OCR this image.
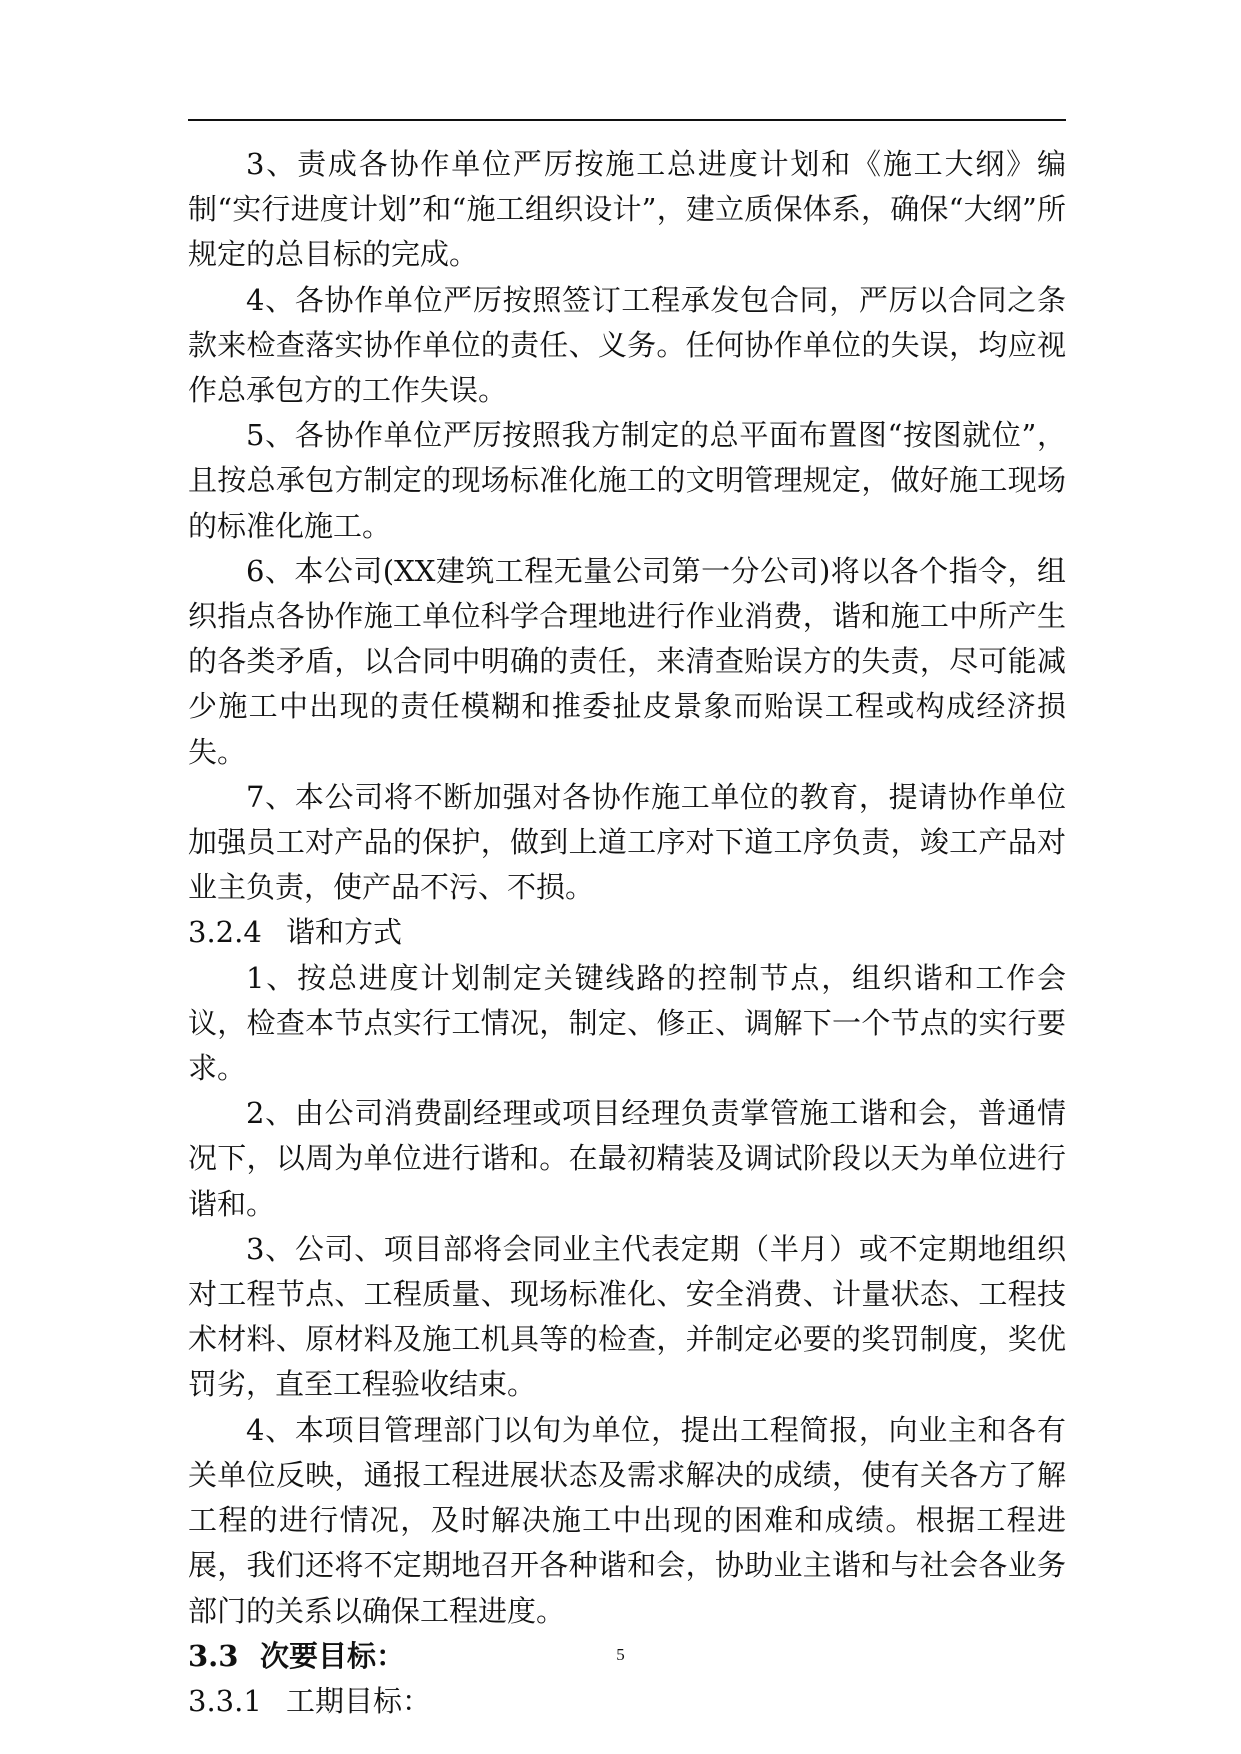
3、责成各协作单位严厉按施工总进度计划和《施工大纲》编制“实行进度计划”和“施工组织设计”，建立质保体系，确保“大纲”所规定的总目标的完成。

4、各协作单位严厉按照签订工程承发包合同，严厉以合同之条款来检查落实协作单位的责任、义务。任何协作单位的失误，均应视作总承包方的工作失误。

5、各协作单位严厉按照我方制定的总平面布置图“按图就位”，且按总承包方制定的现场标准化施工的文明管理规定，做好施工现场的标准化施工。

6、本公司(XX建筑工程无量公司第一分公司)将以各个指令，组织指点各协作施工单位科学合理地进行作业消费，谐和施工中所产生的各类矛盾，以合同中明确的责任，来清查贻误方的失责，尽可能减少施工中出现的责任模糊和推委扯皮景象而贻误工程或构成经济损失。

7、本公司将不断加强对各协作施工单位的教育，提请协作单位加强员工对产品的保护，做到上道工序对下道工序负责，竣工产品对业主负责，使产品不污、不损。

3.2.4 谐和方式

1、按总进度计划制定关键线路的控制节点，组织谐和工作会议，检查本节点实行工情况，制定、修正、调解下一个节点的实行要求。

2、由公司消费副经理或项目经理负责掌管施工谐和会，普通情况下，以周为单位进行谐和。在最初精装及调试阶段以天为单位进行谐和。

3、公司、项目部将会同业主代表定期（半月）或不定期地组织对工程节点、工程质量、现场标准化、安全消费、计量状态、工程技术材料、原材料及施工机具等的检查，并制定必要的奖罚制度，奖优罚劣，直至工程验收结束。

4、本项目管理部门以旬为单位，提出工程简报，向业主和各有关单位反映，通报工程进展状态及需求解决的成绩，使有关各方了解工程的进行情况，及时解决施工中出现的困难和成绩。根据工程进展，我们还将不定期地召开各种谐和会，协助业主谐和与社会各业务部门的关系以确保工程进度。

3.3 次要目标：
3.3.1 工期目标：
5
